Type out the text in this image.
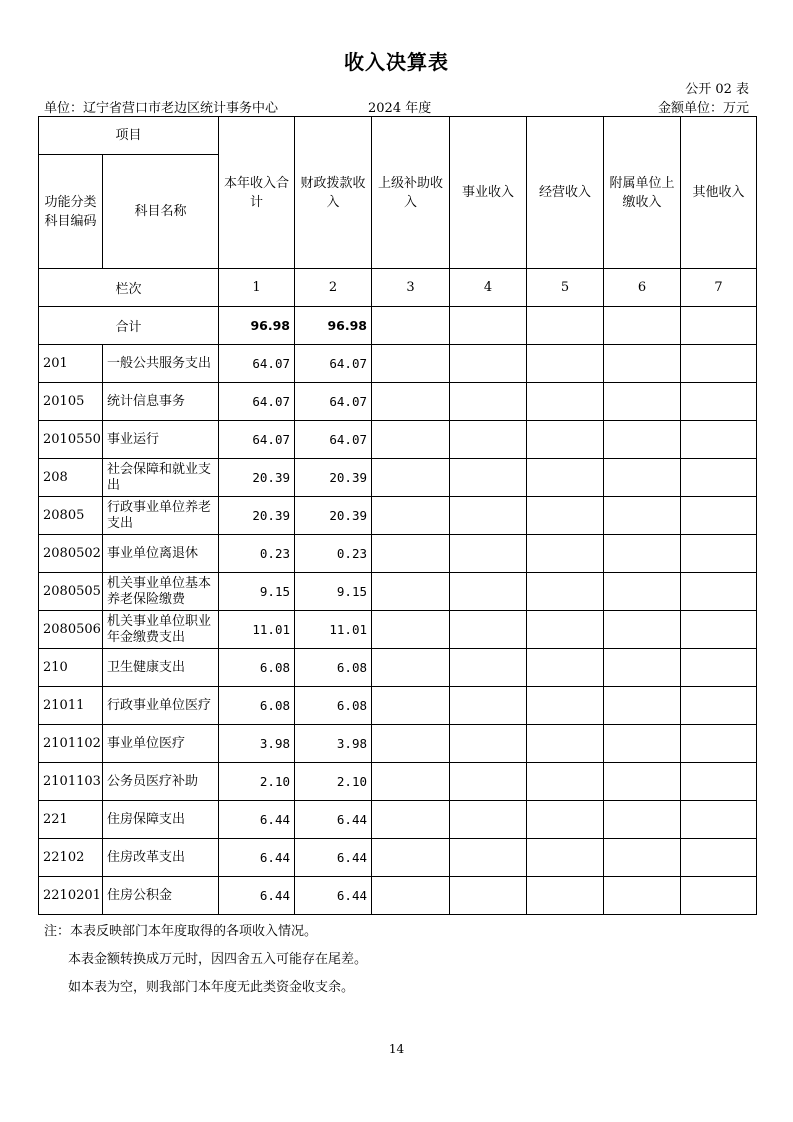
收入决算表
公开 02 表
单位：辽宁省营口市老边区统计事务中心	2024 年度	金额单位：万元
项目		本年收入合计	财政拨款收入	上级补助收入	事业收入	经营收入	附属单位上缴收入	其他收入
功能分类科目编码	科目名称							
栏次		1	2	3	4	5	6	7
合计		96.98	96.98					
201	一般公共服务支出	64.07	64.07					
20105	统计信息事务	64.07	64.07					
2010550	事业运行	64.07	64.07					
208	社会保障和就业支出	20.39	20.39					
20805	行政事业单位养老支出	20.39	20.39					
2080502	事业单位离退休	0.23	0.23					
2080505	机关事业单位基本养老保险缴费	9.15	9.15					
2080506	机关事业单位职业年金缴费支出	11.01	11.01					
210	卫生健康支出	6.08	6.08					
21011	行政事业单位医疗	6.08	6.08					
2101102	事业单位医疗	3.98	3.98					
2101103	公务员医疗补助	2.10	2.10					
221	住房保障支出	6.44	6.44					
22102	住房改革支出	6.44	6.44					
2210201	住房公积金	6.44	6.44					
注：本表反映部门本年度取得的各项收入情况。
本表金额转换成万元时，因四舍五入可能存在尾差。
如本表为空，则我部门本年度无此类资金收支余。
14
